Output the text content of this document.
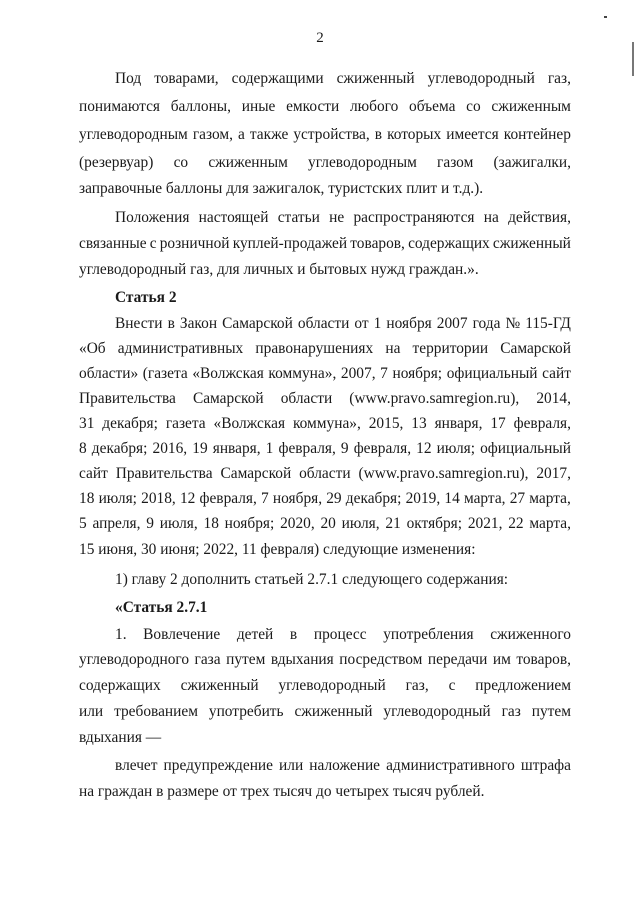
2
Под товарами, содержащими сжиженный углеводородный газ,
понимаются баллоны, иные емкости любого объема со сжиженным
углеводородным газом, а также устройства, в которых имеется контейнер
(резервуар) со сжиженным углеводородным газом (зажигалки,
заправочные баллоны для зажигалок, туристских плит и т.д.).
Положения настоящей статьи не распространяются на действия,
связанные с розничной куплей-продажей товаров, содержащих сжиженный
углеводородный газ, для личных и бытовых нужд граждан.».
Статья 2
Внести в Закон Самарской области от 1 ноября 2007 года № 115-ГД
«Об административных правонарушениях на территории Самарской
области» (газета «Волжская коммуна», 2007, 7 ноября; официальный сайт
Правительства Самарской области (www.pravo.samregion.ru), 2014,
31 декабря; газета «Волжская коммуна», 2015, 13 января, 17 февраля,
8 декабря; 2016, 19 января, 1 февраля, 9 февраля, 12 июля; официальный
сайт Правительства Самарской области (www.pravo.samregion.ru), 2017,
18 июля; 2018, 12 февраля, 7 ноября, 29 декабря; 2019, 14 марта, 27 марта,
5 апреля, 9 июля, 18 ноября; 2020, 20 июля, 21 октября; 2021, 22 марта,
15 июня, 30 июня; 2022, 11 февраля) следующие изменения:
1) главу 2 дополнить статьей 2.7.1 следующего содержания:
«Статья 2.7.1
1. Вовлечение детей в процесс употребления сжиженного
углеводородного газа путем вдыхания посредством передачи им товаров,
содержащих сжиженный углеводородный газ, с предложением
или требованием употребить сжиженный углеводородный газ путем
вдыхания —
влечет предупреждение или наложение административного штрафа
на граждан в размере от трех тысяч до четырех тысяч рублей.
